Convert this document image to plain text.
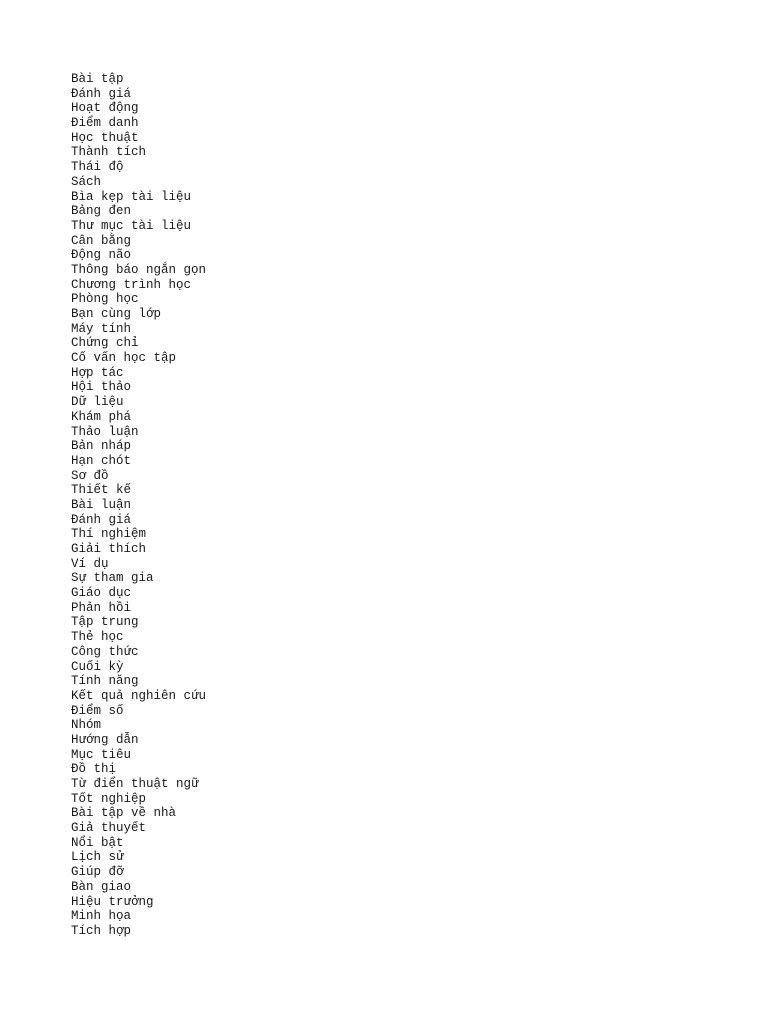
Bài tập
Đánh giá
Hoạt động
Điểm danh
Học thuật
Thành tích
Thái độ
Sách
Bìa kẹp tài liệu
Bảng đen
Thư mục tài liệu
Cân bằng
Động não
Thông báo ngắn gọn
Chương trình học
Phòng học
Bạn cùng lớp
Máy tính
Chứng chỉ
Cố vấn học tập
Hợp tác
Hội thảo
Dữ liệu
Khám phá
Thảo luận
Bản nháp
Hạn chót
Sơ đồ
Thiết kế
Bài luận
Đánh giá
Thí nghiệm
Giải thích
Ví dụ
Sự tham gia
Giáo dục
Phản hồi
Tập trung
Thẻ học
Công thức
Cuối kỳ
Tính năng
Kết quả nghiên cứu
Điểm số
Nhóm
Hướng dẫn
Mục tiêu
Đồ thị
Từ điển thuật ngữ
Tốt nghiệp
Bài tập về nhà
Giả thuyết
Nổi bật
Lịch sử
Giúp đỡ
Bàn giao
Hiệu trưởng
Minh họa
Tích hợp
